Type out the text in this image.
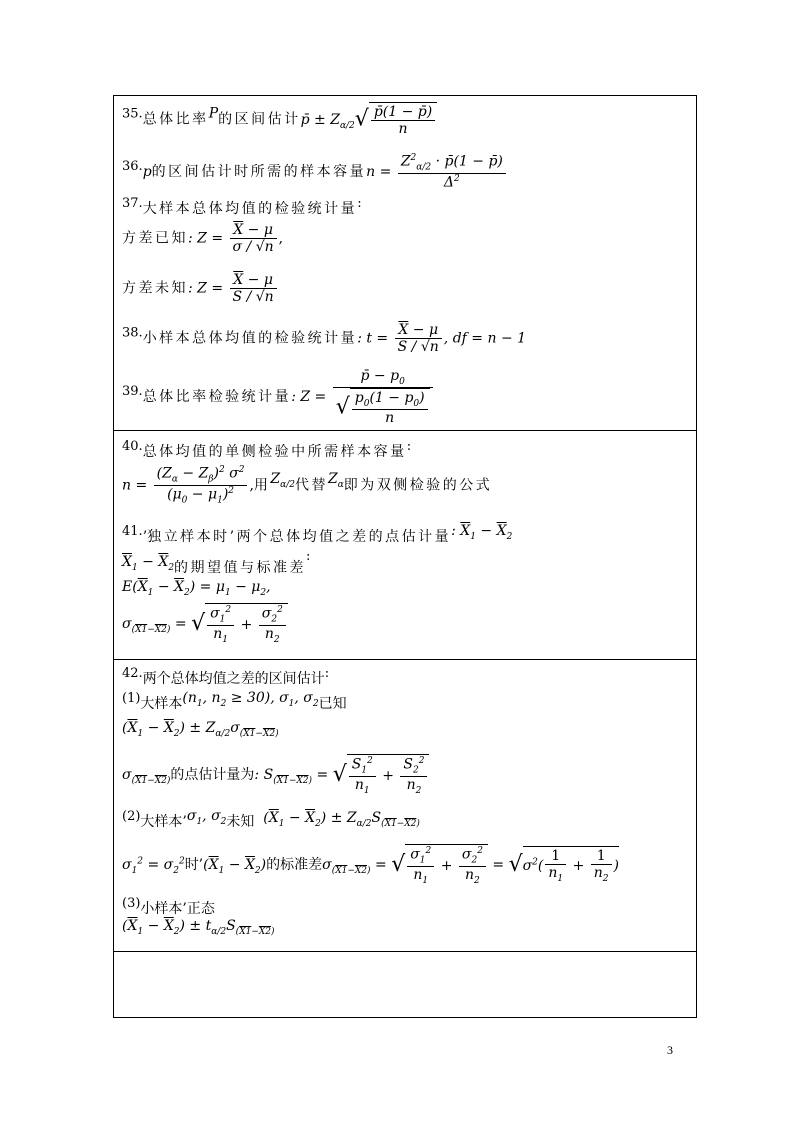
35.总体比率P的区间估计p̄ ± $Z_{\alpha/2}√ \frac{p̄(1 - p̄)}{n}$
36.p的区间估计时所需的样本容量$n = \frac{Z^2_{\alpha/2} \cdot p̄(1 - p̄)}{\Delta^2}$
37.大样本总体均值的检验统计量:
方差已知: $Z = \frac{\overline{X} - \mu}{\sigma / √n}$ ,
方差未知: $Z = \frac{\overline{X} - \mu}{S / √n}$
38.小样本总体均值的检验统计量: $t = \frac{\overline{X} - \mu}{S / √n}$ , df = n − 1
39.总体比率检验统计量: $Z = \frac{p̄ - p_0}{√ \frac{p_0(1 - p_0)}{n}}$
40.总体均值的单侧检验中所需样本容量:
$n = \frac{(Z_\alpha - Z_\beta)^2 \sigma^2}{(\mu_0 - \mu_1)^2}$ ,用$Z_{\alpha/2}$代替$Z_\alpha$即为双侧检验的公式
41.’独立样本时’两个总体均值之差的点估计量: $\overline{X}_1 - \overline{X}_2$
$\overline{X}_1 - \overline{X}_2$的期望值与标准差:
$E(\overline{X}_1 - \overline{X}_2) = \mu_1 - \mu_2$,
$\sigma_{(X1-X2)}$ = √ $\frac{\sigma_1^2}{n_1} + \frac{\sigma_2^2}{n_2}$
42.两个总体均值之差的区间估计:
(1)大样本($n_1$, $n_2 \ge 30$), $\sigma_1$, $\sigma_2$已知
$(\overline{X}_1 - \overline{X}_2) \pm Z_{\alpha/2}\sigma_{(X1-X2)}$
$\sigma_{(X1-X2)}$的点估计量为: $S_{(X1-X2)}$ = √ $\frac{S_1^2}{n_1} + \frac{S_2^2}{n_2}$
(2)大样本$’\sigma_1$, $\sigma_2$未知  $(\overline{X}_1 - \overline{X}_2) \pm Z_{\alpha/2}S_{(X1-X2)}$
$\sigma_1^2 = \sigma_2^2$时$’(\overline{X}_1 - \overline{X}_2)$的标准差$\sigma_{(X1-X2)}$ = √ $\frac{\sigma_1^2}{n_1} + \frac{\sigma_2^2}{n_2} = √\sigma^2( \frac{1}{n_1} + \frac{1}{n_2}$ )
(3)小样本’正态
$(\overline{X}_1 - \overline{X}_2) \pm t_{\alpha/2}S_{(X1-X2)}$
3
